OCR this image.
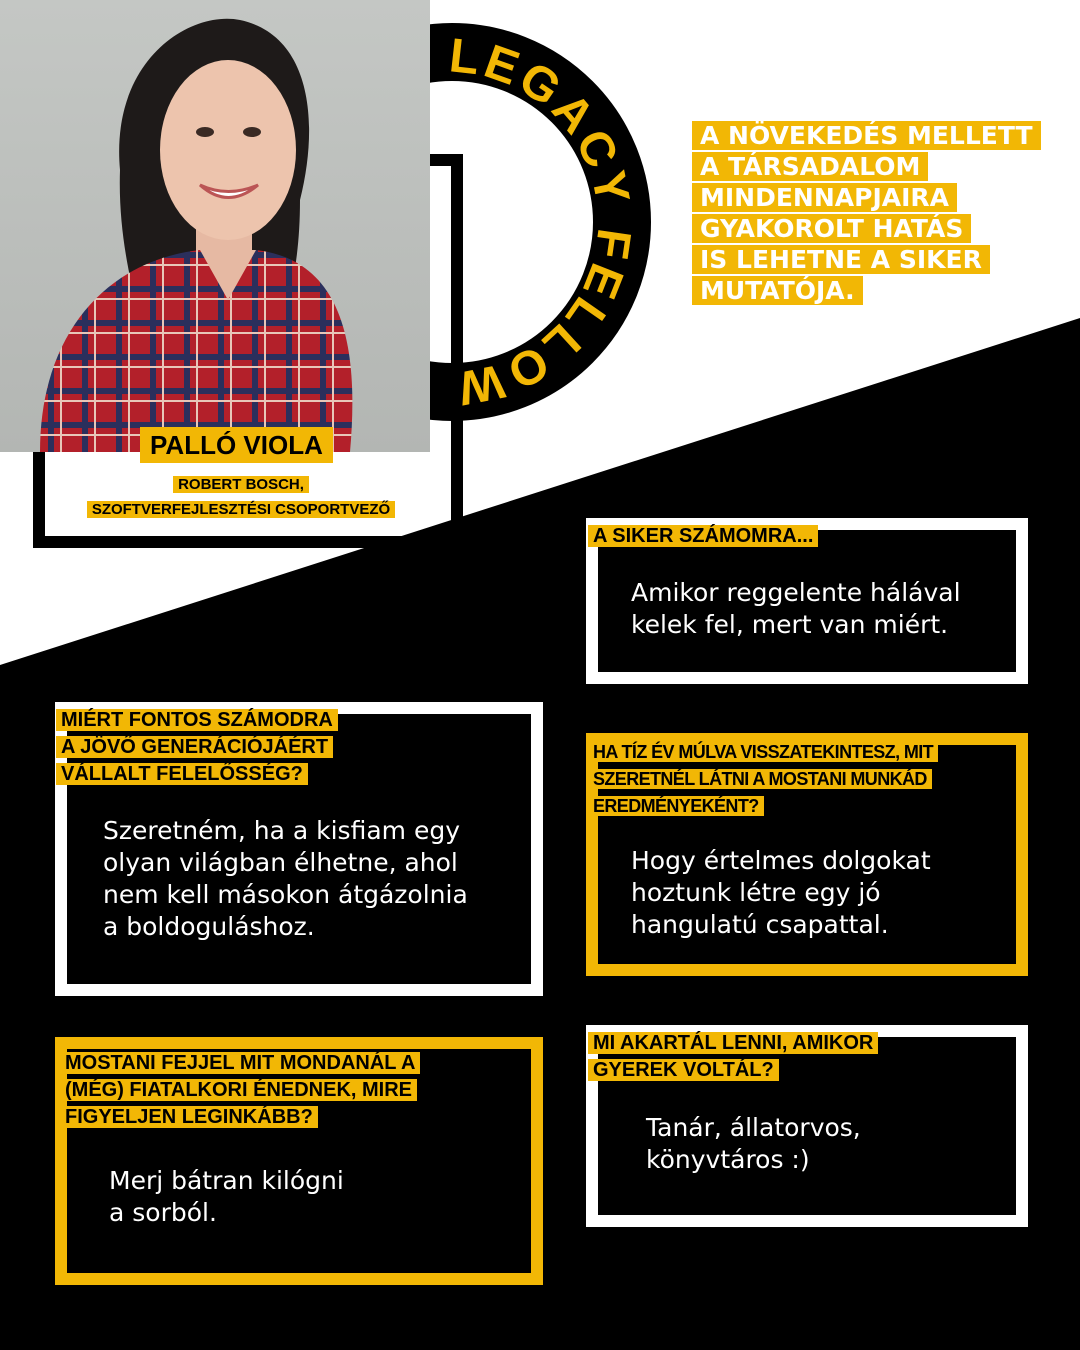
LEGACY FELLOW
PALLÓ VIOLA
ROBERT BOSCH,
SZOFTVERFEJLESZTÉSI CSOPORTVEZŐ
A NÖVEKEDÉS MELLETT
A TÁRSADALOM
MINDENNAPJAIRA
GYAKOROLT HATÁS
IS LEHETNE A SIKER
MUTATÓJA.
A SIKER SZÁMOMRA...
Amikor reggelente hálával
kelek fel, mert van miért.
MIÉRT FONTOS SZÁMODRA
A JÖVŐ GENERÁCIÓJÁÉRT
VÁLLALT FELELŐSSÉG?
Szeretném, ha a kisfiam egy
olyan világban élhetne, ahol
nem kell másokon átgázolnia
a boldoguláshoz.
HA TÍZ ÉV MÚLVA VISSZATEKINTESZ, MIT
SZERETNÉL LÁTNI A MOSTANI MUNKÁD
EREDMÉNYEKÉNT?
Hogy értelmes dolgokat
hoztunk létre egy jó
hangulatú csapattal.
MOSTANI FEJJEL MIT MONDANÁL A
(MÉG) FIATALKORI ÉNEDNEK, MIRE
FIGYELJEN LEGINKÁBB?
Merj bátran kilógni
a sorból.
MI AKARTÁL LENNI, AMIKOR
GYEREK VOLTÁL?
Tanár, állatorvos,
könyvtáros :)
